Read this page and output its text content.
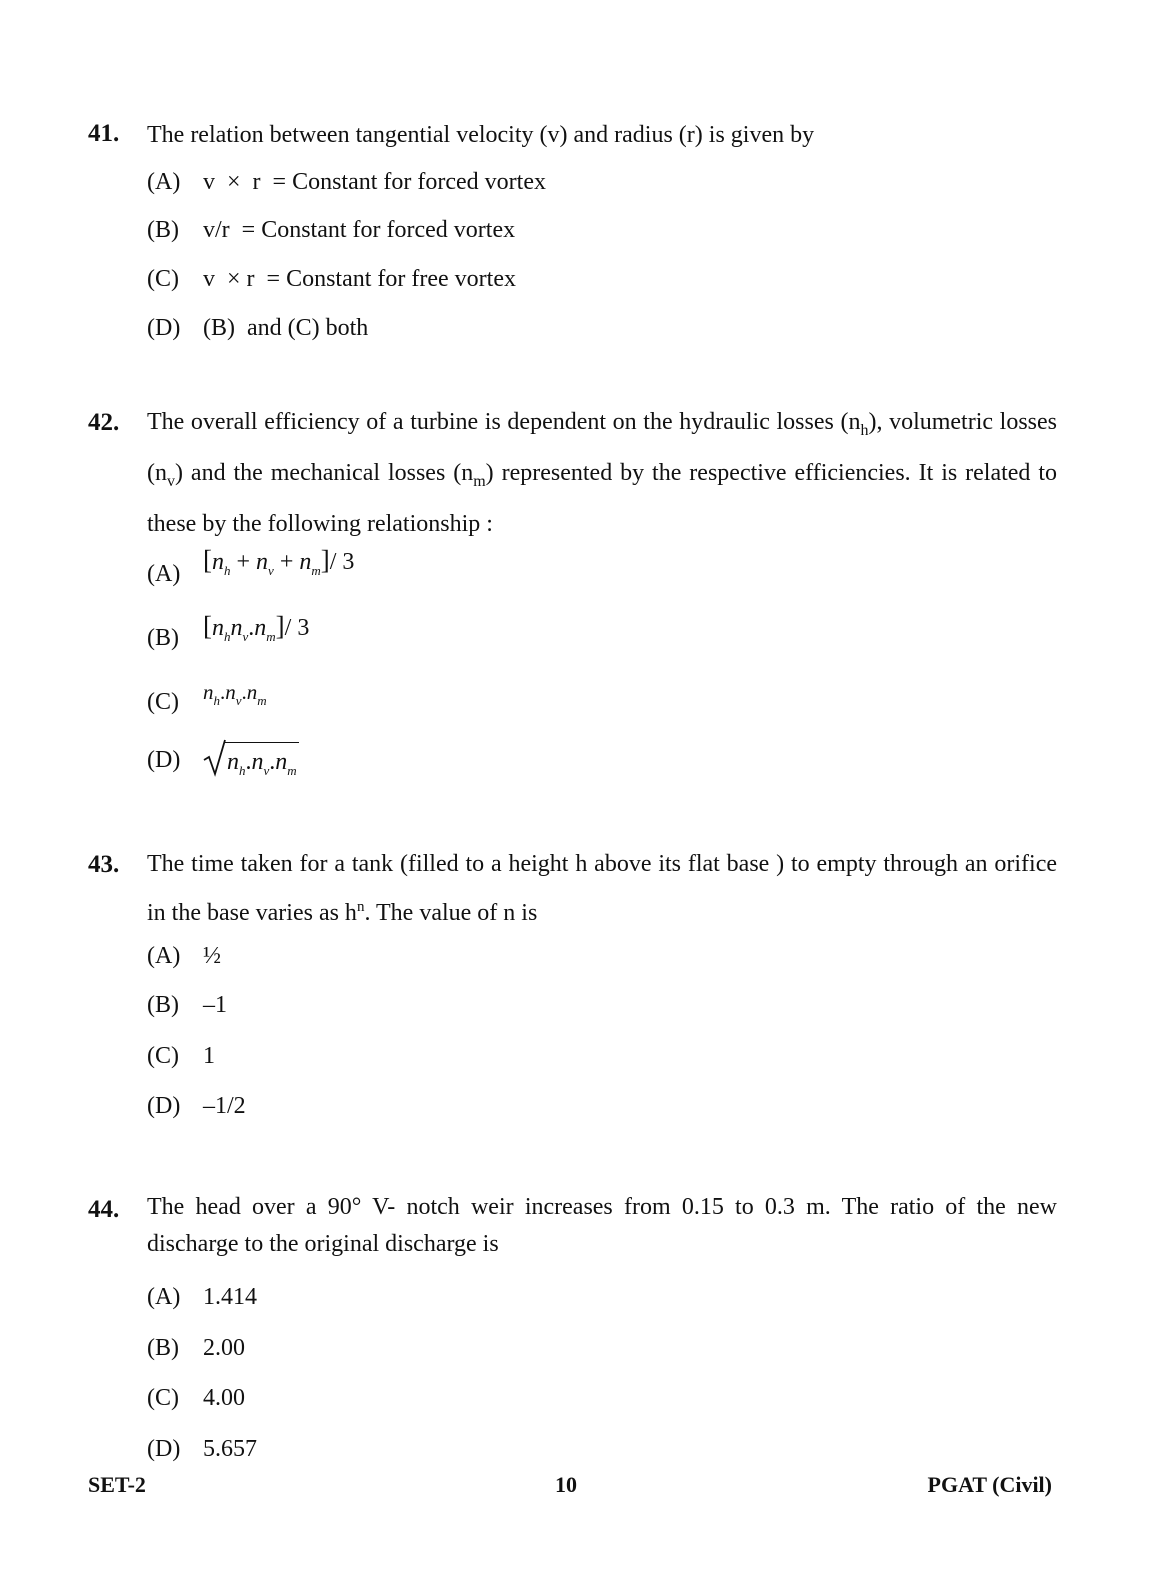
41. The relation between tangential velocity (v) and radius (r) is given by
(A) v  ×  r  = Constant for forced vortex
(B) v/r  = Constant for forced vortex
(C) v  × r  = Constant for free vortex
(D) (B)  and (C) both
42. The overall efficiency of a turbine is dependent on the hydraulic losses $(n_h)$, volumetric losses $(n_v)$ and the mechanical losses $(n_m)$ represented by the respective efficiencies. It is related to these by the following relationship :
(A) $[n_h + n_v + n_m]/$ 3
(B) $[n_hn_v.n_m]/$ 3
(C) $n_h.n_v.n_m$
(D) $n_h.n_v.n_m$
43. The time taken for a tank (filled to a height h above its flat base ) to empty through an orifice in the base varies as $h^n$. The value of n is
(A) ½
(B) –1
(C) 1
(D) –1/2
44. The head over a 90° V- notch weir increases from 0.15 to 0.3 m. The ratio of the new discharge to the original discharge is
(A) 1.414
(B) 2.00
(C) 4.00
(D) 5.657
SET-2	10	PGAT (Civil)
